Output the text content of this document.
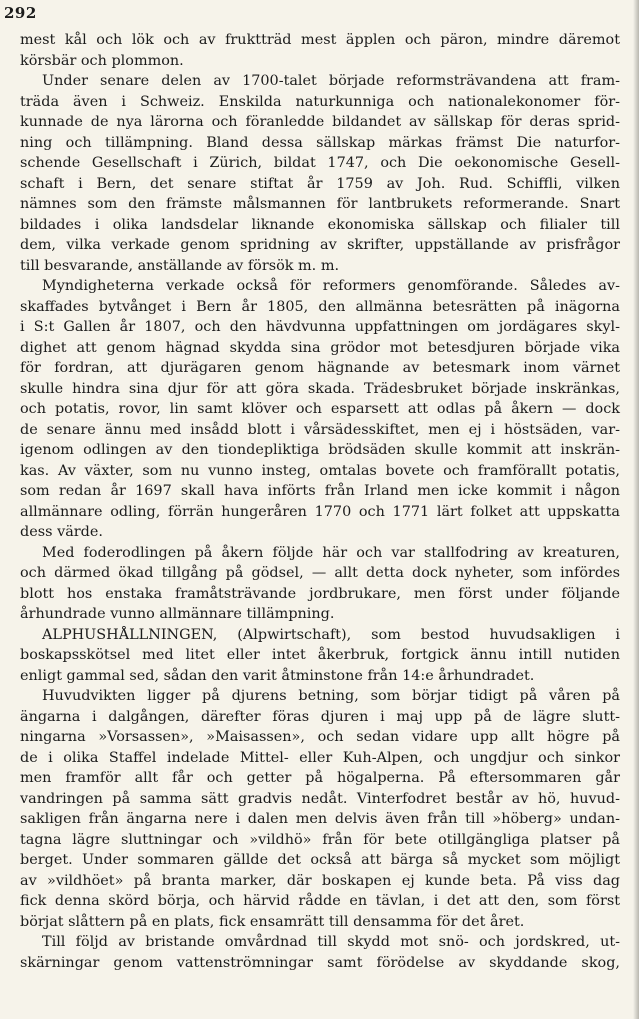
292
mest kål och lök och av fruktträd mest äpplen och päron, mindre däremot
körsbär och plommon.
Under senare delen av 1700-talet började reformsträvandena att fram-
träda även i Schweiz. Enskilda naturkunniga och nationalekonomer för-
kunnade de nya lärorna och föranledde bildandet av sällskap för deras sprid-
ning och tillämpning. Bland dessa sällskap märkas främst Die naturfor-
schende Gesellschaft i Zürich, bildat 1747, och Die oekonomische Gesell-
schaft i Bern, det senare stiftat år 1759 av Joh. Rud. Schiffli, vilken
nämnes som den främste målsmannen för lantbrukets reformerande. Snart
bildades i olika landsdelar liknande ekonomiska sällskap och filialer till
dem, vilka verkade genom spridning av skrifter, uppställande av prisfrågor
till besvarande, anställande av försök m. m.
Myndigheterna verkade också för reformers genomförande. Således av-
skaffades bytvånget i Bern år 1805, den allmänna betesrätten på inägorna
i S:t Gallen år 1807, och den hävdvunna uppfattningen om jordägares skyl-
dighet att genom hägnad skydda sina grödor mot betesdjuren började vika
för fordran, att djurägaren genom hägnande av betesmark inom värnet
skulle hindra sina djur för att göra skada. Trädesbruket började inskränkas,
och potatis, rovor, lin samt klöver och esparsett att odlas på åkern — dock
de senare ännu med insådd blott i vårsädesskiftet, men ej i höstsäden, var-
igenom odlingen av den tiondepliktiga brödsäden skulle kommit att inskrän-
kas. Av växter, som nu vunno insteg, omtalas bovete och framförallt potatis,
som redan år 1697 skall hava införts från Irland men icke kommit i någon
allmännare odling, förrän hungeråren 1770 och 1771 lärt folket att uppskatta
dess värde.
Med foderodlingen på åkern följde här och var stallfodring av kreaturen,
och därmed ökad tillgång på gödsel, — allt detta dock nyheter, som infördes
blott hos enstaka framåtsträvande jordbrukare, men först under följande
århundrade vunno allmännare tillämpning.
ALPHUSHÅLLNINGEN, (Alpwirtschaft), som bestod huvudsakligen i
boskapsskötsel med litet eller intet åkerbruk, fortgick ännu intill nutiden
enligt gammal sed, sådan den varit åtminstone från 14:e århundradet.
Huvudvikten ligger på djurens betning, som börjar tidigt på våren på
ängarna i dalgången, därefter föras djuren i maj upp på de lägre slutt-
ningarna »Vorsassen», »Maisassen», och sedan vidare upp allt högre på
de i olika Staffel indelade Mittel- eller Kuh-Alpen, och ungdjur och sinkor
men framför allt får och getter på högalperna. På eftersommaren går
vandringen på samma sätt gradvis nedåt. Vinterfodret består av hö, huvud-
sakligen från ängarna nere i dalen men delvis även från till »höberg» undan-
tagna lägre sluttningar och »vildhö» från för bete otillgängliga platser på
berget. Under sommaren gällde det också att bärga så mycket som möjligt
av »vildhöet» på branta marker, där boskapen ej kunde beta. På viss dag
fick denna skörd börja, och härvid rådde en tävlan, i det att den, som först
börjat slåttern på en plats, fick ensamrätt till densamma för det året.
Till följd av bristande omvårdnad till skydd mot snö- och jordskred, ut-
skärningar genom vattenströmningar samt förödelse av skyddande skog,
